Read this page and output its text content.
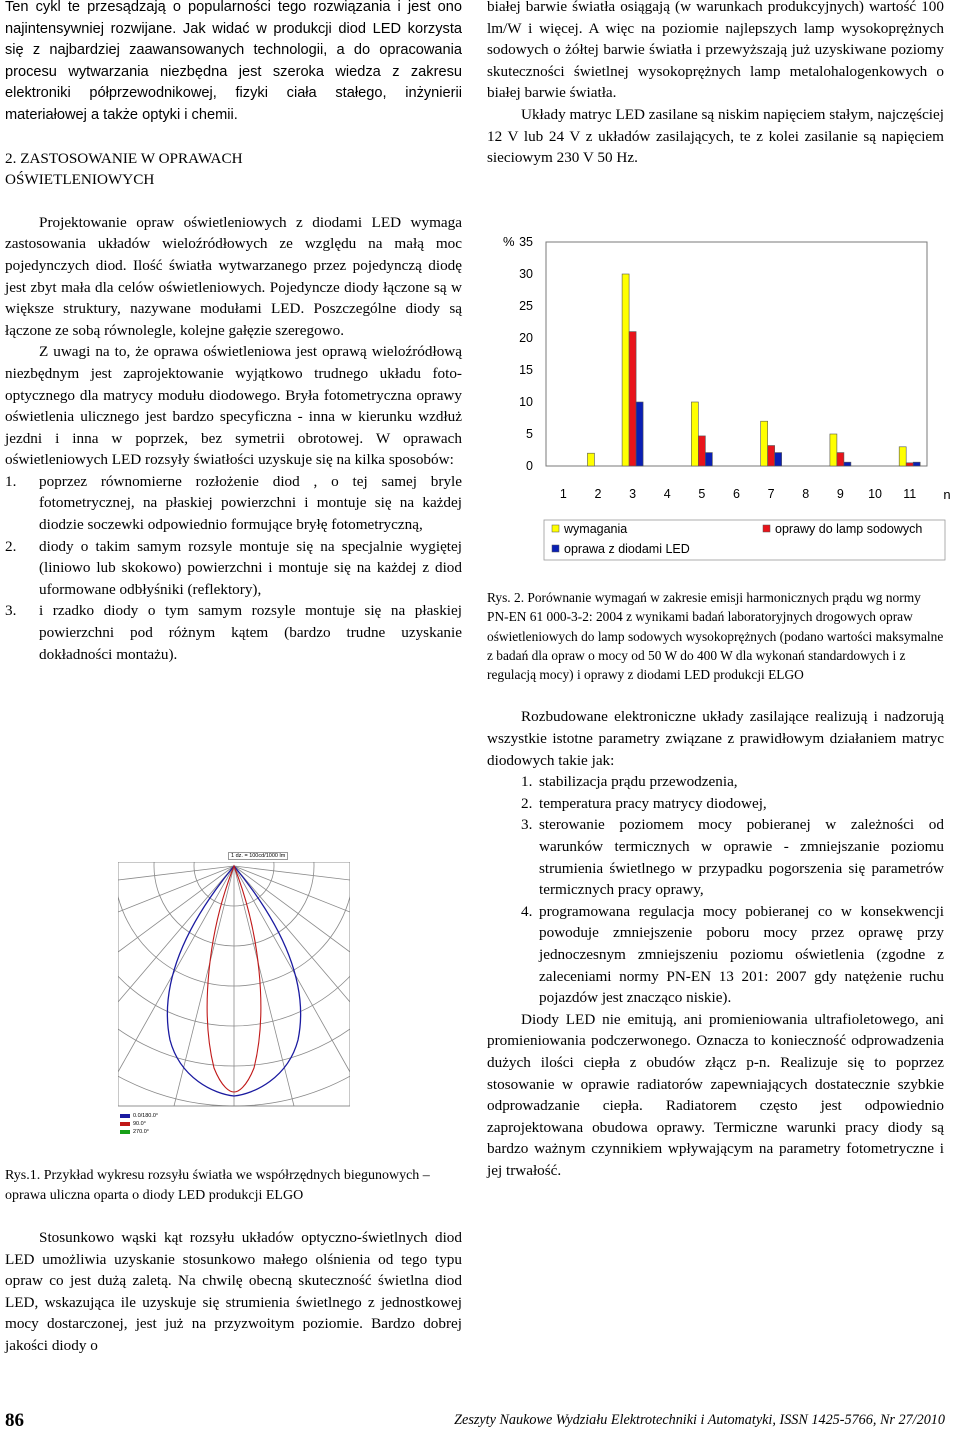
Ten cykl te przesądzają o popularności tego rozwiązania i jest ono najintensywniej rozwijane. Jak widać w produkcji diod LED korzysta się z najbardziej zaawansowanych technologii, a do opracowania procesu wytwarzania niezbędna jest szeroka wiedza z zakresu elektroniki półprzewodnikowej, fizyki ciała stałego, inżynierii materiałowej a także optyki i chemii.

2. ZASTOSOWANIE W OPRAWACH
OŚWIETLENIOWYCH

Projektowanie opraw oświetleniowych z diodami LED wymaga zastosowania układów wieloźródłowych ze względu na małą moc pojedynczych diod. Ilość światła wytwarzanego przez pojedynczą diodę jest zbyt mała dla celów oświetleniowych. Pojedyncze diody łączone są w większe struktury, nazywane modułami LED. Poszczególne diody są łączone ze sobą równolegle, kolejne gałęzie szeregowo.

Z uwagi na to, że oprawa oświetleniowa jest oprawą wieloźródłową niezbędnym jest zaprojektowanie wyjątkowo trudnego układu foto-optycznego dla matrycy modułu diodowego. Bryła fotometryczna oprawy oświetlenia ulicznego jest bardzo specyficzna - inna w kierunku wzdłuż jezdni i inna w poprzek, bez symetrii obrotowej. W oprawach oświetleniowych LED rozsyły światłości uzyskuje się na kilka sposobów:

1. poprzez równomierne rozłożenie diod , o tej samej bryle fotometrycznej, na płaskiej powierzchni i montuje się na każdej diodzie soczewki odpowiednio formujące bryłę fotometryczną,

2. diody o takim samym rozsyle montuje się na specjalnie wygiętej (liniowo lub skokowo) powierzchni i montuje się na każdej z diod uformowane odbłyśniki (reflektory),

3. i rzadko diody o tym samym rozsyle montuje się na płaskiej powierzchni pod różnym kątem (bardzo trudne uzyskanie dokładności montażu).

1 dz. = 100cd/1000 lm
0.0/180.0°
90.0°
270.0°

Rys.1. Przykład wykresu rozsyłu światła we współrzędnych biegunowych – oprawa uliczna oparta o diody LED produkcji ELGO

Stosunkowo wąski kąt rozsyłu układów optyczno-świetlnych diod LED umożliwia uzyskanie stosunkowo małego olśnienia od tego typu opraw co jest dużą zaletą. Na chwilę obecną skuteczność świetlna diod LED, wskazująca ile uzyskuje się strumienia świetlnego z jednostkowej mocy dostarczonej, jest już na przyzwoitym poziomie. Bardzo dobrej jakości diody o

białej barwie światła osiągają (w warunkach produkcyjnych) wartość 100 lm/W i więcej. A więc na poziomie najlepszych lamp wysokoprężnych sodowych o żółtej barwie światła i przewyższają już uzyskiwane poziomy skuteczności świetlnej wysokoprężnych lamp metalohalogenkowych o białej barwie światła.

Układy matryc LED zasilane są niskim napięciem stałym, najczęściej 12 V lub 24 V z układów zasilających, te z kolei zasilanie są napięciem sieciowym 230 V 50 Hz.

0
5
10
15
20
25
30
35
%
1 2 3 4 5 6 7 8 9 10 11 n
wymagania	oprawy do lamp sodowych
oprawa z diodami LED

Rys. 2. Porównanie wymagań w zakresie emisji harmonicznych prądu wg normy PN-EN 61 000-3-2: 2004 z wynikami badań laboratoryjnych drogowych opraw oświetleniowych do lamp sodowych wysokoprężnych (podano wartości maksymalne z badań dla opraw o mocy od 50 W do 400 W dla wykonań standardowych i z regulacją mocy) i oprawy z diodami LED produkcji ELGO

Rozbudowane elektroniczne układy zasilające realizują i nadzorują wszystkie istotne parametry związane z prawidłowym działaniem matryc diodowych takie jak:

1. stabilizacja prądu przewodzenia,
2. temperatura pracy matrycy diodowej,
3. sterowanie poziomem mocy pobieranej w zależności od warunków termicznych w oprawie - zmniejszanie poziomu strumienia świetlnego w przypadku pogorszenia się parametrów termicznych pracy oprawy,
4. programowana regulacja mocy pobieranej co w konsekwencji powoduje zmniejszenie poboru mocy przez oprawę przy jednoczesnym zmniejszeniu poziomu oświetlenia (zgodne z zaleceniami normy PN-EN 13 201: 2007 gdy natężenie ruchu pojazdów jest znacząco niskie).

Diody LED nie emitują, ani promieniowania ultrafioletowego, ani promieniowania podczerwonego. Oznacza to konieczność odprowadzenia dużych ilości ciepła z obudów złącz p-n. Realizuje się to poprzez stosowanie w oprawie radiatorów zapewniających dostatecznie szybkie odprowadzanie ciepła. Radiatorem często jest odpowiednio zaprojektowana obudowa oprawy. Termiczne warunki pracy diody są bardzo ważnym czynnikiem wpływającym na parametry fotometryczne i jej trwałość.

86	Zeszyty Naukowe Wydziału Elektrotechniki i Automatyki, ISSN 1425-5766, Nr 27/2010
